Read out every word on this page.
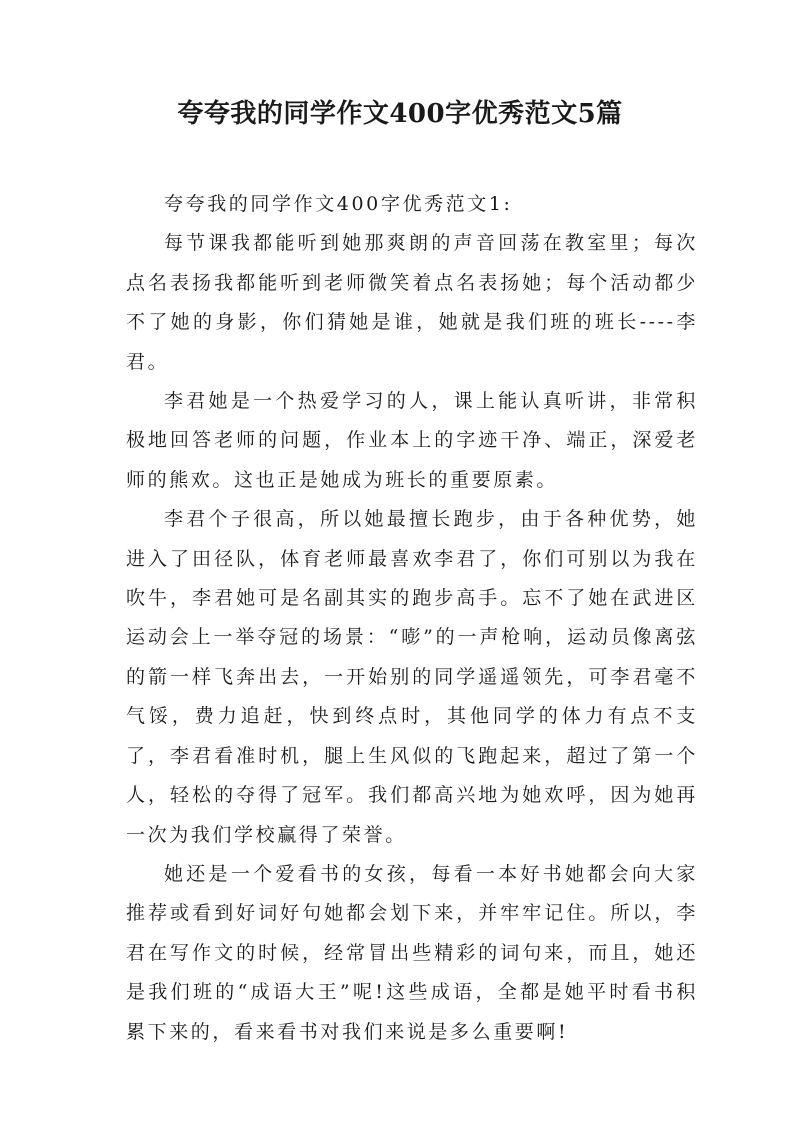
夸夸我的同学作文400字优秀范文5篇

夸夸我的同学作文400字优秀范文1:

每节课我都能听到她那爽朗的声音回荡在教室里；每次点名表扬我都能听到老师微笑着点名表扬她；每个活动都少不了她的身影，你们猜她是谁，她就是我们班的班长----李君。

李君她是一个热爱学习的人，课上能认真听讲，非常积极地回答老师的问题，作业本上的字迹干净、端正，深爱老师的熊欢。这也正是她成为班长的重要原素。

李君个子很高，所以她最擅长跑步，由于各种优势，她进入了田径队，体育老师最喜欢李君了，你们可别以为我在吹牛，李君她可是名副其实的跑步高手。忘不了她在武进区运动会上一举夺冠的场景：“嘭”的一声枪响，运动员像离弦的箭一样飞奔出去，一开始别的同学遥遥领先，可李君毫不气馁，费力追赶，快到终点时，其他同学的体力有点不支了，李君看准时机，腿上生风似的飞跑起来，超过了第一个人，轻松的夺得了冠军。我们都高兴地为她欢呼，因为她再一次为我们学校赢得了荣誉。

她还是一个爱看书的女孩，每看一本好书她都会向大家推荐或看到好词好句她都会划下来，并牢牢记住。所以，李君在写作文的时候，经常冒出些精彩的词句来，而且，她还是我们班的“成语大王”呢!这些成语，全都是她平时看书积累下来的，看来看书对我们来说是多么重要啊!
